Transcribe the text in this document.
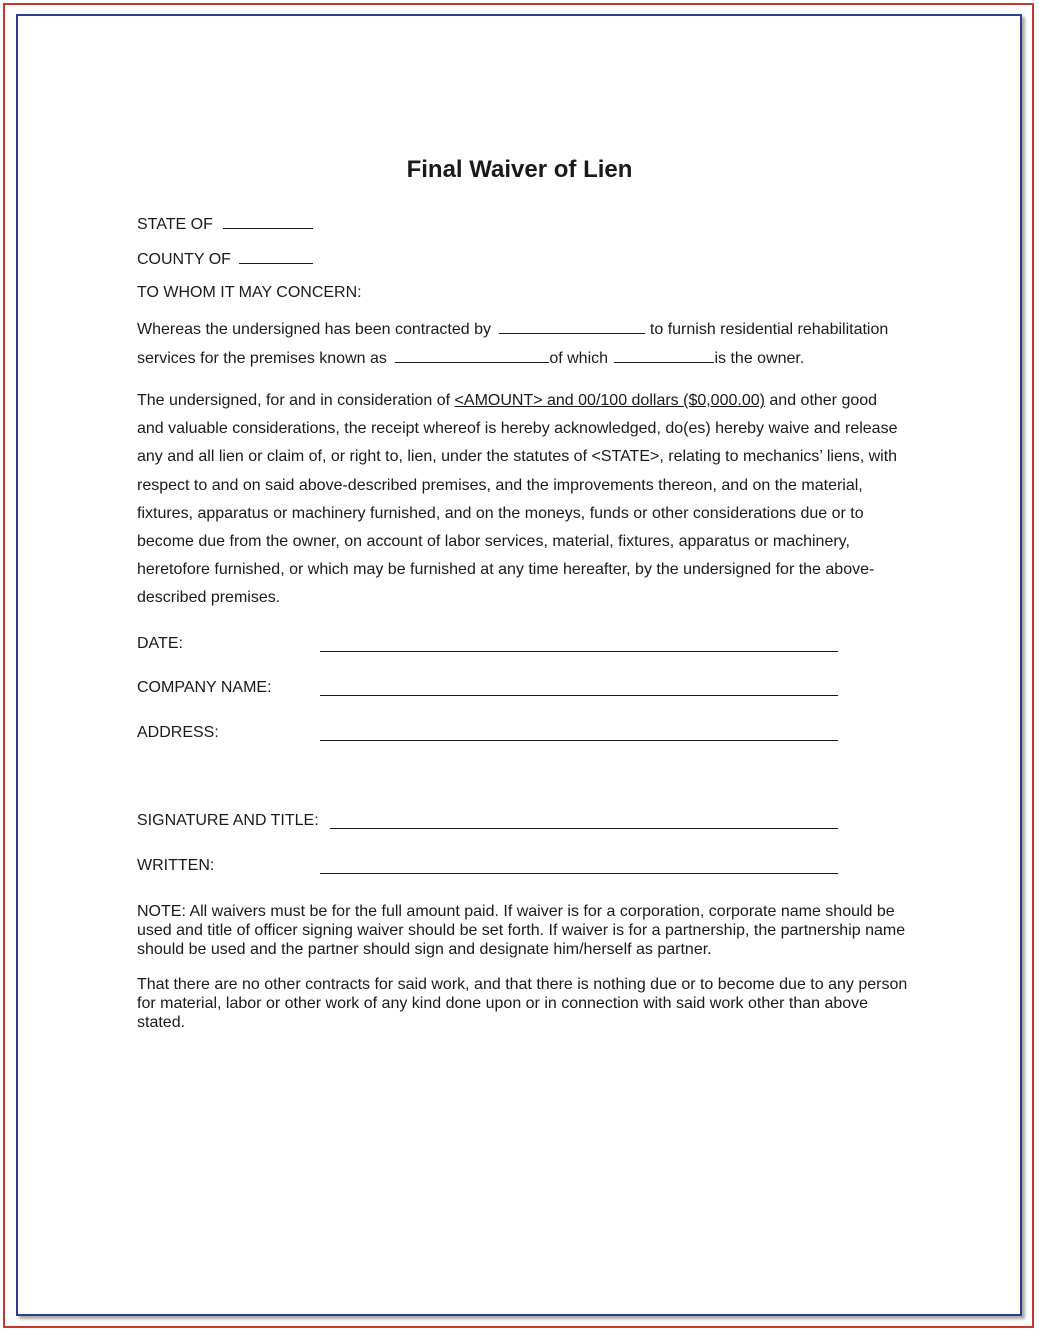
Final Waiver of Lien
STATE OF
COUNTY OF
TO WHOM IT MAY CONCERN:
Whereas the undersigned has been contracted by	to furnish residential rehabilitation
services for the premises known as	of which	is the owner.

The undersigned, for and in consideration of <AMOUNT> and 00/100 dollars ($0,000.00) and other good and valuable considerations, the receipt whereof is hereby acknowledged, do(es) hereby waive and release any and all lien or claim of, or right to, lien, under the statutes of <STATE>, relating to mechanics’ liens, with respect to and on said above-described premises, and the improvements thereon, and on the material, fixtures, apparatus or machinery furnished, and on the moneys, funds or other considerations due or to become due from the owner, on account of labor services, material, fixtures, apparatus or machinery, heretofore furnished, or which may be furnished at any time hereafter, by the undersigned for the above-described premises.

DATE:
COMPANY NAME:
ADDRESS:
SIGNATURE AND TITLE:
WRITTEN:

NOTE: All waivers must be for the full amount paid. If waiver is for a corporation, corporate name should be used and title of officer signing waiver should be set forth. If waiver is for a partnership, the partnership name should be used and the partner should sign and designate him/herself as partner.

That there are no other contracts for said work, and that there is nothing due or to become due to any person for material, labor or other work of any kind done upon or in connection with said work other than above stated.
